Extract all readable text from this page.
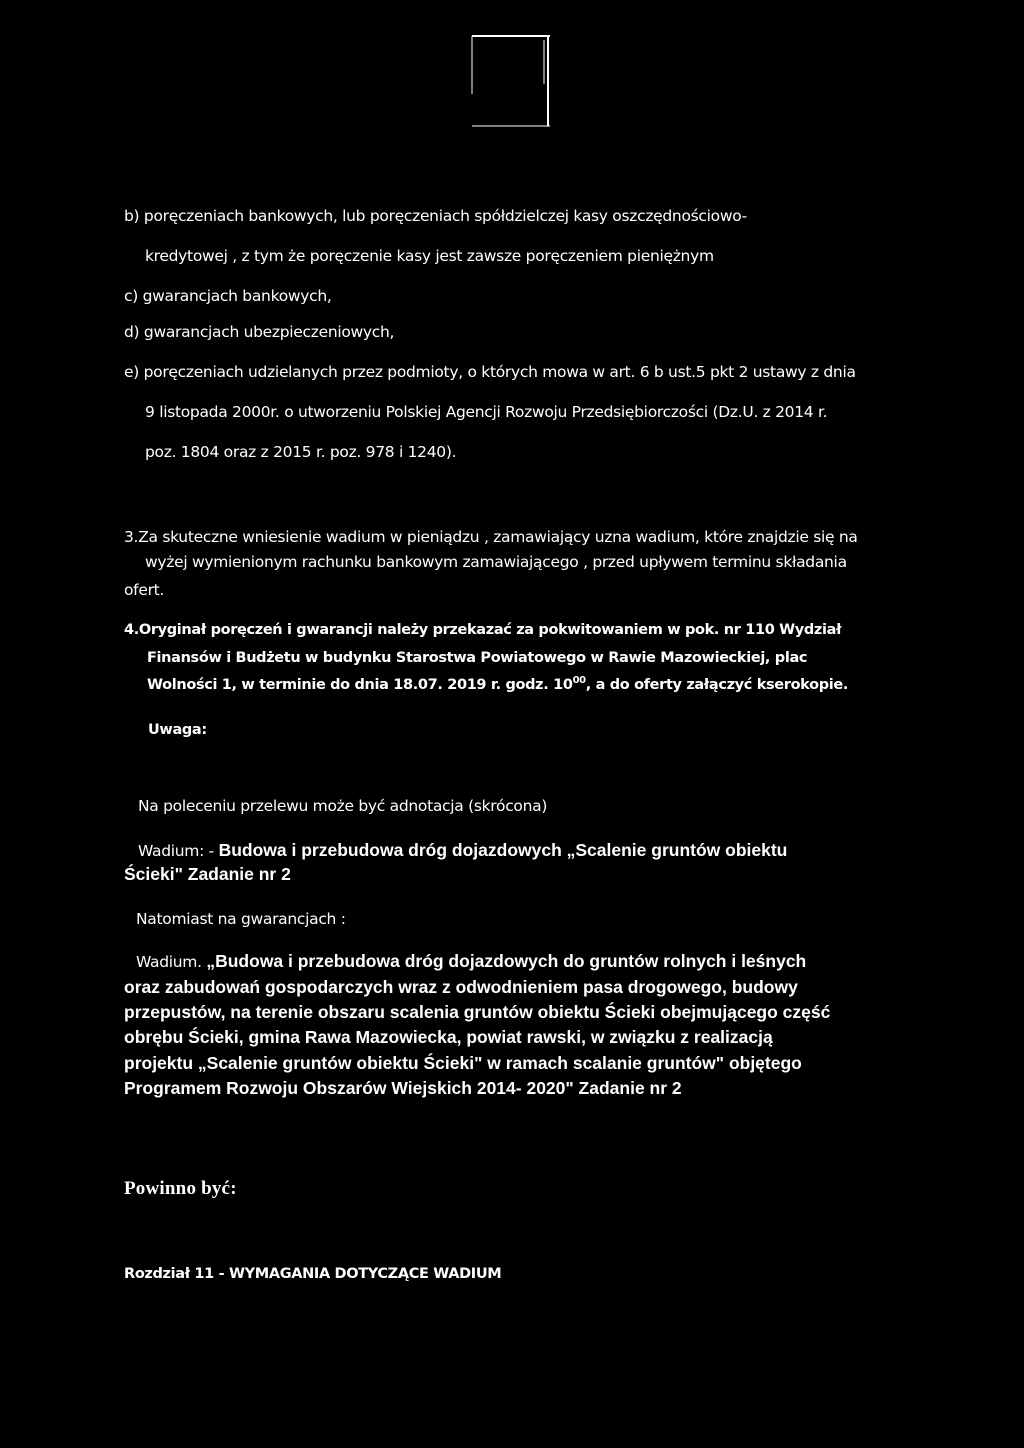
b) poręczeniach bankowych, lub poręczeniach spółdzielczej kasy oszczędnościowo-
kredytowej , z tym że poręczenie kasy jest zawsze poręczeniem pieniężnym
c) gwarancjach bankowych,
d) gwarancjach ubezpieczeniowych,
e) poręczeniach udzielanych przez podmioty, o których mowa w art. 6 b ust.5 pkt 2 ustawy z dnia
9 listopada 2000r. o utworzeniu Polskiej Agencji Rozwoju Przedsiębiorczości (Dz.U. z 2014 r.
poz. 1804 oraz z 2015 r. poz. 978 i 1240).
3.Za skuteczne wniesienie wadium w pieniądzu , zamawiający uzna wadium, które znajdzie się na
wyżej wymienionym rachunku bankowym zamawiającego , przed upływem terminu składania
ofert.
4.Oryginał poręczeń i gwarancji należy przekazać za pokwitowaniem w pok. nr 110 Wydział
Finansów i Budżetu w budynku Starostwa Powiatowego w Rawie Mazowieckiej, plac
Wolności 1, w terminie do dnia 18.07. 2019 r. godz. $10^{00}$, a do oferty załączyć kserokopie.
Uwaga:
Na poleceniu przelewu może być adnotacja (skrócona)
Wadium: - Budowa i przebudowa dróg dojazdowych „Scalenie gruntów obiektu
Ścieki" Zadanie nr 2
Natomiast na gwarancjach :
Wadium. „Budowa i przebudowa dróg dojazdowych do gruntów rolnych i leśnych
oraz zabudowań gospodarczych wraz z odwodnieniem pasa drogowego, budowy
przepustów, na terenie obszaru scalenia gruntów obiektu Ścieki obejmującego część
obrębu Ścieki, gmina Rawa Mazowiecka, powiat rawski, w związku z realizacją
projektu „Scalenie gruntów obiektu Ścieki" w ramach scalanie gruntów" objętego
Programem Rozwoju Obszarów Wiejskich 2014- 2020" Zadanie nr 2
Powinno być:
Rozdział 11 - WYMAGANIA DOTYCZĄCE WADIUM
